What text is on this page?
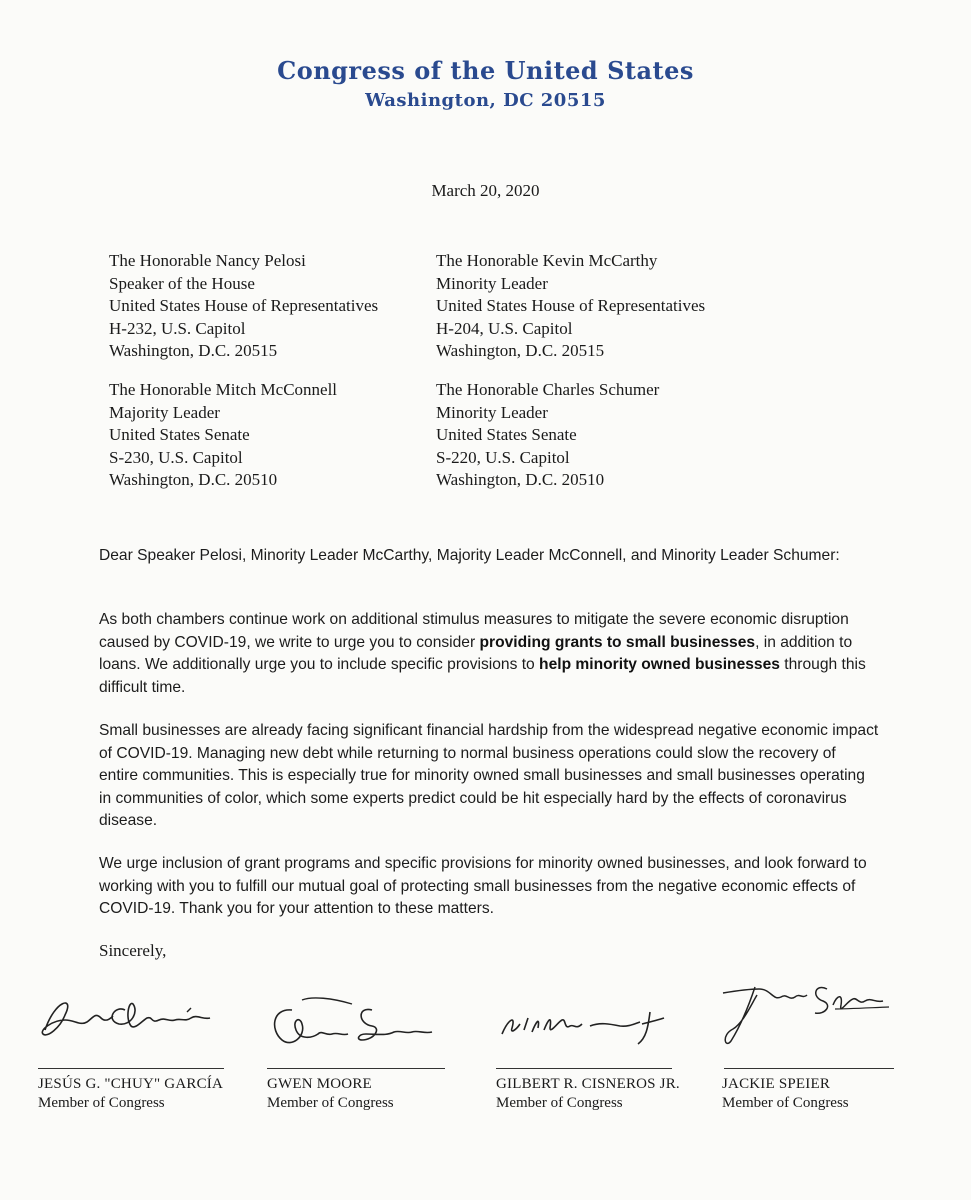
Congress of the United States
Washington, DC 20515
March 20, 2020
The Honorable Nancy Pelosi
Speaker of the House
United States House of Representatives
H-232, U.S. Capitol
Washington, D.C. 20515
The Honorable Kevin McCarthy
Minority Leader
United States House of Representatives
H-204, U.S. Capitol
Washington, D.C. 20515
The Honorable Mitch McConnell
Majority Leader
United States Senate
S-230, U.S. Capitol
Washington, D.C. 20510
The Honorable Charles Schumer
Minority Leader
United States Senate
S-220, U.S. Capitol
Washington, D.C. 20510
Dear Speaker Pelosi, Minority Leader McCarthy, Majority Leader McConnell, and Minority Leader Schumer:
As both chambers continue work on additional stimulus measures to mitigate the severe economic disruption caused by COVID-19, we write to urge you to consider providing grants to small businesses, in addition to loans. We additionally urge you to include specific provisions to help minority owned businesses through this difficult time.
Small businesses are already facing significant financial hardship from the widespread negative economic impact of COVID-19. Managing new debt while returning to normal business operations could slow the recovery of entire communities. This is especially true for minority owned small businesses and small businesses operating in communities of color, which some experts predict could be hit especially hard by the effects of coronavirus disease.
We urge inclusion of grant programs and specific provisions for minority owned businesses, and look forward to working with you to fulfill our mutual goal of protecting small businesses from the negative economic effects of COVID-19. Thank you for your attention to these matters.
Sincerely,
JESÚS G. "CHUY" GARCÍA
Member of Congress
GWEN MOORE
Member of Congress
GILBERT R. CISNEROS JR.
Member of Congress
JACKIE SPEIER
Member of Congress
